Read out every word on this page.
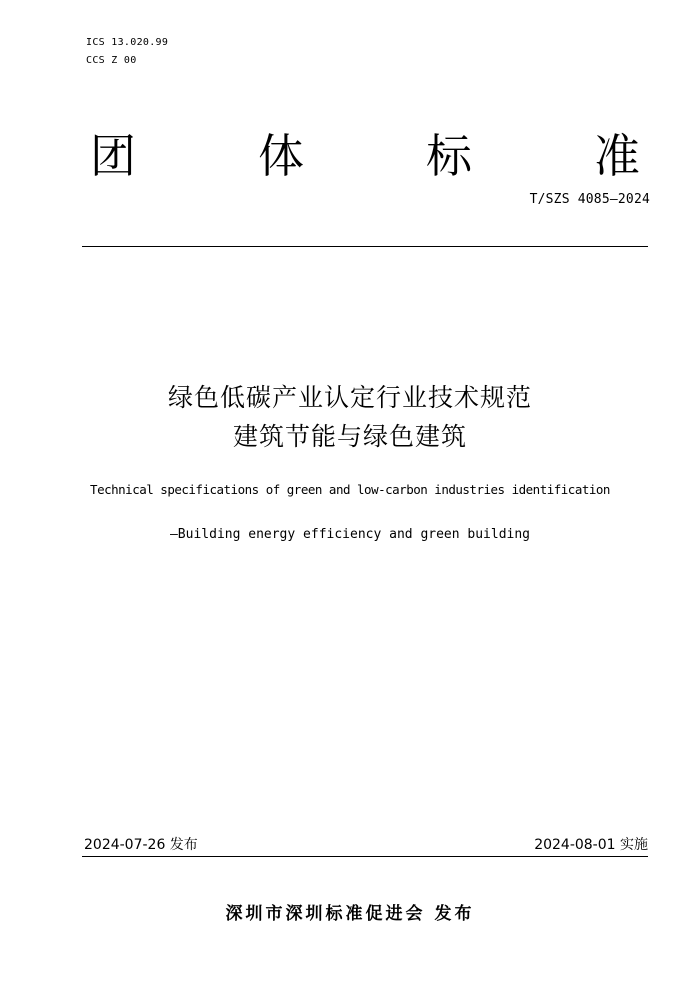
ICS 13.020.99
CCS Z 00
团	体	标	准
T/SZS 4085—2024
绿色低碳产业认定行业技术规范
建筑节能与绿色建筑
Technical specifications of green and low-carbon industries identification
—Building energy efficiency and green building
2024-07-26 发布	2024-08-01 实施
深圳市深圳标准促进会 发布
